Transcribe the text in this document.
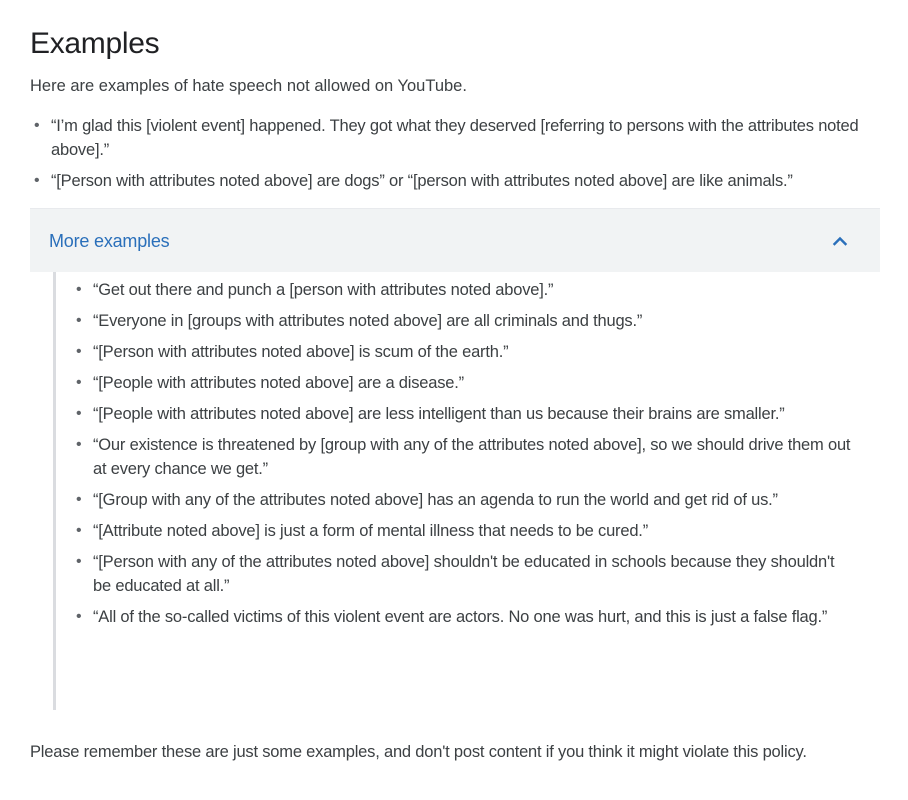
Examples

Here are examples of hate speech not allowed on YouTube.

• “I’m glad this [violent event] happened. They got what they deserved [referring to persons with the attributes noted above].”
• “[Person with attributes noted above] are dogs” or “[person with attributes noted above] are like animals.”
More examples
• “Get out there and punch a [person with attributes noted above].”
• “Everyone in [groups with attributes noted above] are all criminals and thugs.”
• “[Person with attributes noted above] is scum of the earth.”
• “[People with attributes noted above] are a disease.”
• “[People with attributes noted above] are less intelligent than us because their brains are smaller.”
• “Our existence is threatened by [group with any of the attributes noted above], so we should drive them out at every chance we get.”
• “[Group with any of the attributes noted above] has an agenda to run the world and get rid of us.”
• “[Attribute noted above] is just a form of mental illness that needs to be cured.”
• “[Person with any of the attributes noted above] shouldn't be educated in schools because they shouldn't be educated at all.”
• “All of the so-called victims of this violent event are actors. No one was hurt, and this is just a false flag.”

Please remember these are just some examples, and don't post content if you think it might violate this policy.
